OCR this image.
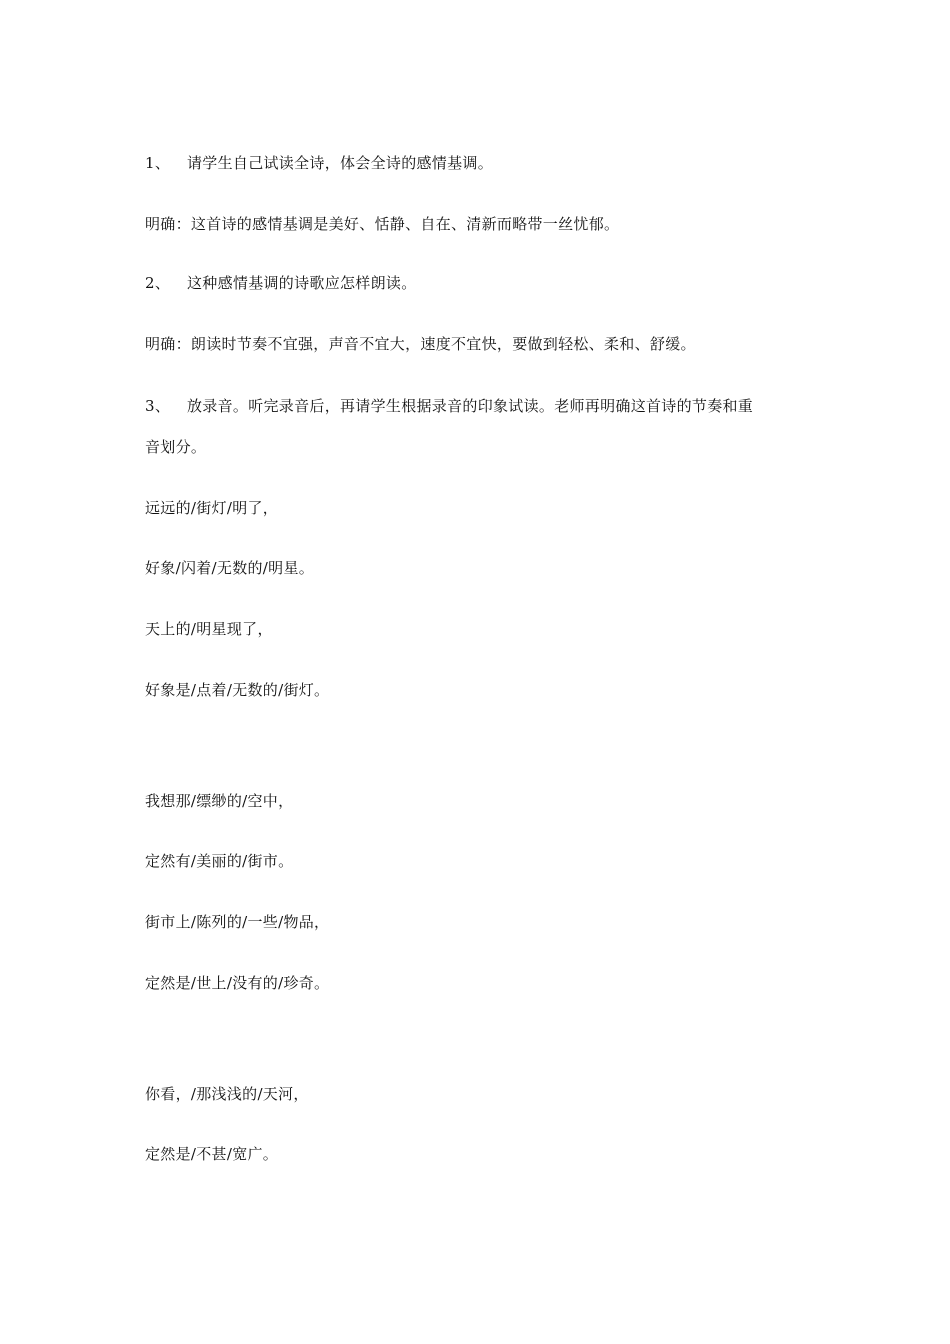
1、 请学生自己试读全诗，体会全诗的感情基调。
明确：这首诗的感情基调是美好、恬静、自在、清新而略带一丝忧郁。
2、 这种感情基调的诗歌应怎样朗读。
明确：朗读时节奏不宜强，声音不宜大，速度不宜快，要做到轻松、柔和、舒缓。
3、 放录音。听完录音后，再请学生根据录音的印象试读。老师再明确这首诗的节奏和重
音划分。
远远的/街灯/明了，
好象/闪着/无数的/明星。
天上的/明星现了，
好象是/点着/无数的/街灯。
我想那/缥缈的/空中，
定然有/美丽的/街市。
街市上/陈列的/一些/物品，
定然是/世上/没有的/珍奇。
你看，/那浅浅的/天河，
定然是/不甚/宽广。
